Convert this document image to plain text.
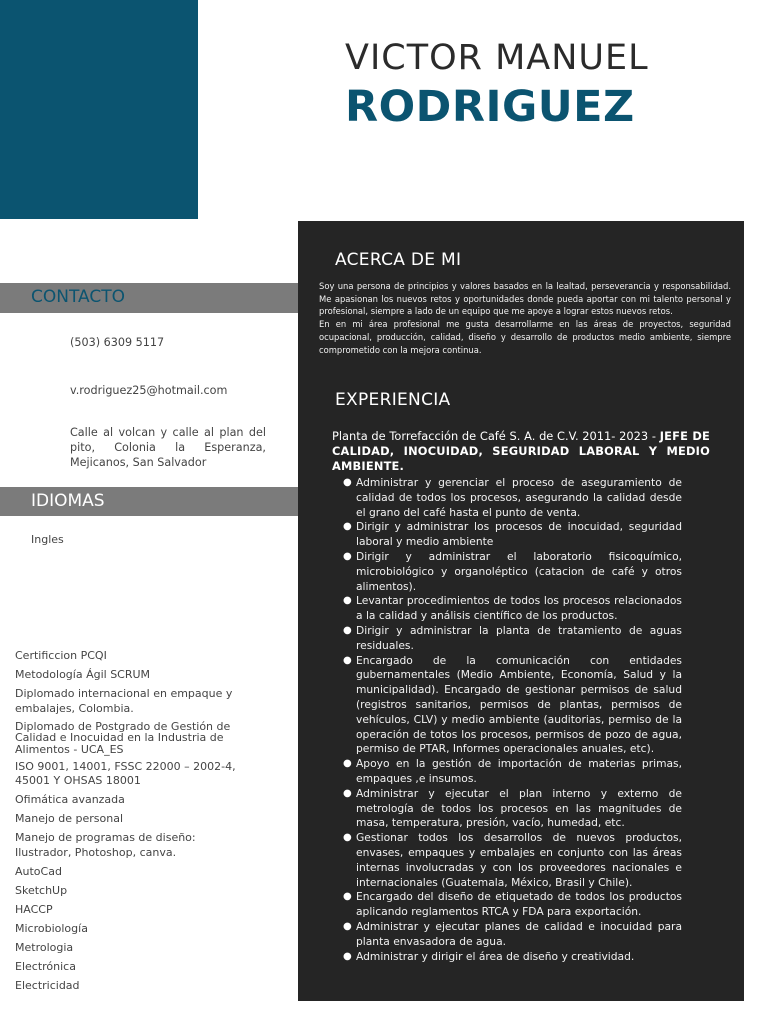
VICTOR MANUEL
RODRIGUEZ
CONTACTO
(503) 6309 5117
v.rodriguez25@hotmail.com
Calle al volcan y calle al plan del pito, Colonia la Esperanza, Mejicanos, San Salvador
IDIOMAS
Ingles
Certificcion PCQI
Metodología Ágil SCRUM
Diplomado internacional en empaque y embalajes, Colombia.
Diplomado de Postgrado de Gestión de Calidad e Inocuidad en la Industria de Alimentos - UCA_ES
ISO 9001, 14001, FSSC 22000 – 2002-4, 45001 Y OHSAS 18001
Ofimática avanzada
Manejo de personal
Manejo de programas de diseño: Ilustrador, Photoshop, canva.
AutoCad
SketchUp
HACCP
Microbiología
Metrologia
Electrónica
Electricidad
ACERCA DE MI
Soy una persona de principios y valores basados en la lealtad, perseverancia y responsabilidad. Me apasionan los nuevos retos y oportunidades donde pueda aportar con mi talento personal y profesional, siempre a lado de un equipo que me apoye a lograr estos nuevos retos.
En en mi área profesional me gusta desarrollarme en las áreas de proyectos, seguridad ocupacional, producción, calidad, diseño y desarrollo de productos medio ambiente, siempre comprometido con la mejora continua.
EXPERIENCIA
Planta de Torrefacción de Café S. A. de C.V. 2011- 2023 - JEFE DE CALIDAD, INOCUIDAD, SEGURIDAD LABORAL Y MEDIO AMBIENTE.
● Administrar y gerenciar el proceso de aseguramiento de calidad de todos los procesos, asegurando la calidad desde el grano del café hasta el punto de venta.
● Dirigir y administrar los procesos de inocuidad, seguridad laboral y medio ambiente
● Dirigir y administrar el laboratorio fisicoquímico, microbiológico y organoléptico (catacion de café y otros alimentos).
● Levantar procedimientos de todos los procesos relacionados a la calidad y análisis científico de los productos.
● Dirigir y administrar la planta de tratamiento de aguas residuales.
● Encargado de la comunicación con entidades gubernamentales (Medio Ambiente, Economía, Salud y la municipalidad). Encargado de gestionar permisos de salud (registros sanitarios, permisos de plantas, permisos de vehículos, CLV) y medio ambiente (auditorias, permiso de la operación de totos los procesos, permisos de pozo de agua, permiso de PTAR, Informes operacionales anuales, etc).
● Apoyo en la gestión de importación de materias primas, empaques ,e insumos.
● Administrar y ejecutar el plan interno y externo de metrología de todos los procesos en las magnitudes de masa, temperatura, presión, vacío, humedad, etc.
● Gestionar todos los desarrollos de nuevos productos, envases, empaques y embalajes en conjunto con las áreas internas involucradas y con los proveedores nacionales e internacionales (Guatemala, México, Brasil y Chile).
● Encargado del diseño de etiquetado de todos los productos aplicando reglamentos RTCA y FDA para exportación.
● Administrar y ejecutar planes de calidad e inocuidad para planta envasadora de agua.
● Administrar y dirigir el área de diseño y creatividad.
